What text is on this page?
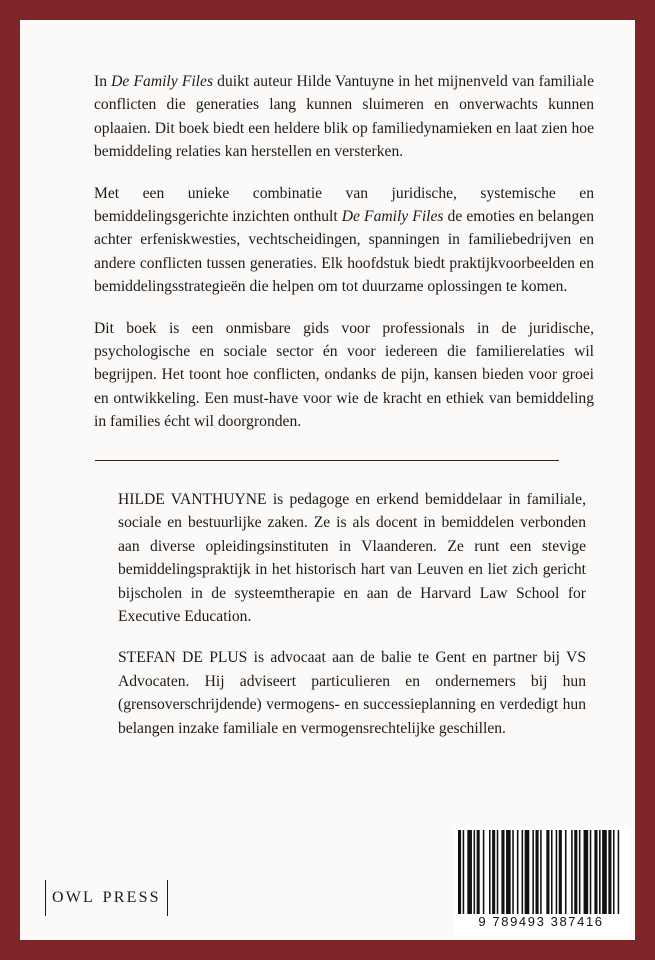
In De Family Files duikt auteur Hilde Vantuyne in het mijnenveld van familiale conflicten die generaties lang kunnen sluimeren en onverwachts kunnen oplaaien. Dit boek biedt een heldere blik op familiedynamieken en laat zien hoe bemiddeling relaties kan herstellen en versterken.

Met een unieke combinatie van juridische, systemische en bemiddelingsgerichte inzichten onthult De Family Files de emoties en belangen achter erfeniskwesties, vechtscheidingen, spanningen in familiebedrijven en andere conflicten tussen generaties. Elk hoofdstuk biedt praktijkvoorbeelden en bemiddelingsstrategieën die helpen om tot duurzame oplossingen te komen.

Dit boek is een onmisbare gids voor professionals in de juridische, psychologische en sociale sector én voor iedereen die familierelaties wil begrijpen. Het toont hoe conflicten, ondanks de pijn, kansen bieden voor groei en ontwikkeling. Een must-have voor wie de kracht en ethiek van bemiddeling in families écht wil doorgronden.

HILDE VANTHUYNE is pedagoge en erkend bemiddelaar in familiale, sociale en bestuurlijke zaken. Ze is als docent in bemiddelen verbonden aan diverse opleidingsinstituten in Vlaanderen. Ze runt een stevige bemiddelingspraktijk in het historisch hart van Leuven en liet zich gericht bijscholen in de systeemtherapie en aan de Harvard Law School for Executive Education.

STEFAN DE PLUS is advocaat aan de balie te Gent en partner bij VS Advocaten. Hij adviseert particulieren en ondernemers bij hun (grensoverschrijdende) vermogens- en successieplanning en verdedigt hun belangen inzake familiale en vermogensrechtelijke geschillen.

OWL PRESS
9 789493 387416
